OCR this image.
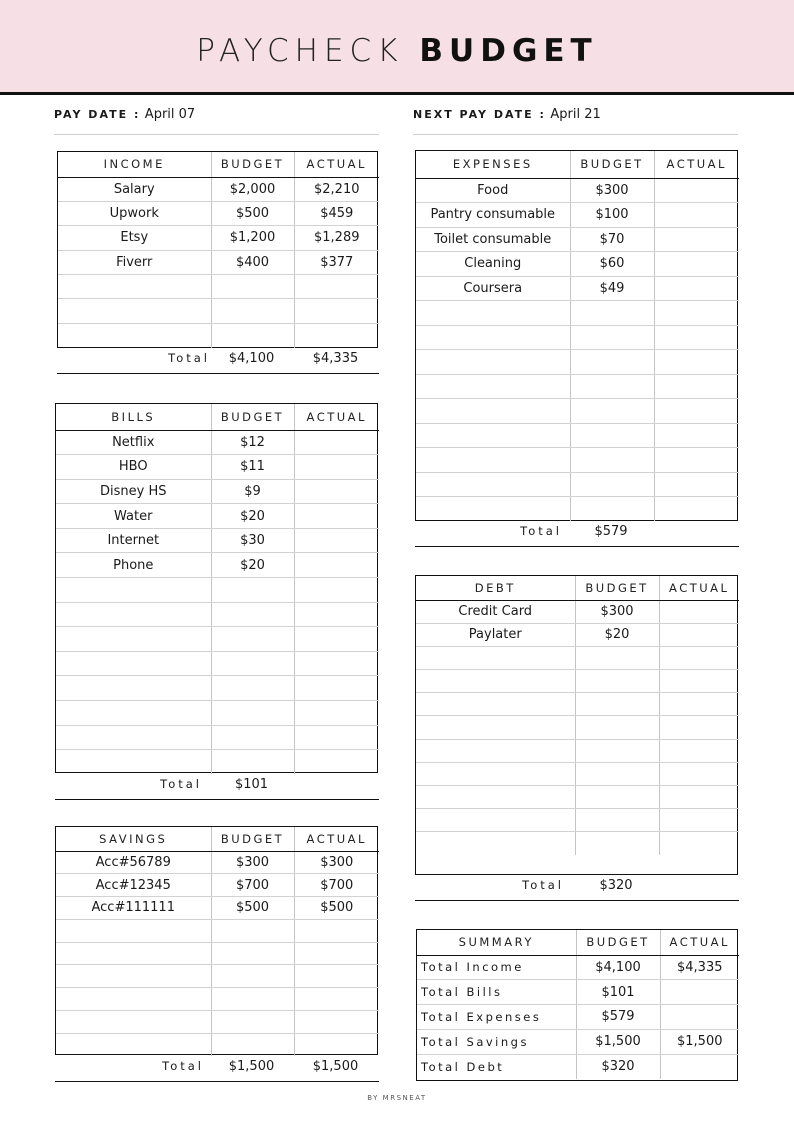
PAYCHECK BUDGET
PAY DATE : April 07	NEXT PAY DATE : April 21
INCOME	BUDGET	ACTUAL
Salary	$2,000	$2,210
Upwork	$500	$459
Etsy	$1,200	$1,289
Fiverr	$400	$377

Total	$4,100	$4,335
BILLS	BUDGET	ACTUAL
Netflix	$12	
HBO	$11	
Disney HS	$9	
Water	$20	
Internet	$30	
Phone	$20	

Total	$101
SAVINGS	BUDGET	ACTUAL
Acc#56789	$300	$300
Acc#12345	$700	$700
Acc#111111	$500	$500

Total	$1,500	$1,500
EXPENSES	BUDGET	ACTUAL
Food	$300	
Pantry consumable	$100	
Toilet consumable	$70	
Cleaning	$60	
Coursera	$49	

Total	$579
DEBT	BUDGET	ACTUAL
Credit Card	$300	
Paylater	$20	

Total	$320
SUMMARY	BUDGET	ACTUAL
Total Income	$4,100	$4,335
Total Bills	$101	
Total Expenses	$579	
Total Savings	$1,500	$1,500
Total Debt	$320	
BY MRSNEAT
